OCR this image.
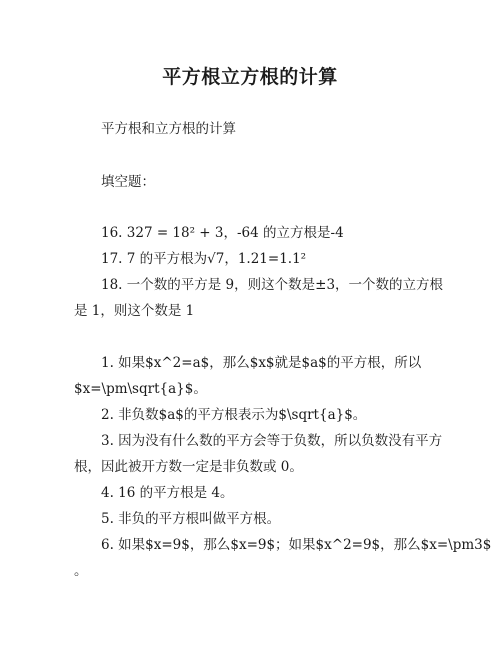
平方根立方根的计算
平方根和立方根的计算
填空题：
16. 327 = 18² + 3，-64 的立方根是-4
17. 7 的平方根为√7，1.21=1.1²
18. 一个数的平方是 9，则这个数是±3，一个数的立方根
是 1，则这个数是 1
1. 如果$x^2=a$，那么$x$就是$a$的平方根，所以
$x=\pm\sqrt{a}$。
2. 非负数$a$的平方根表示为$\sqrt{a}$。
3. 因为没有什么数的平方会等于负数，所以负数没有平方
根，因此被开方数一定是非负数或 0。
4. 16 的平方根是 4。
5. 非负的平方根叫做平方根。
6. 如果$x=9$，那么$x=9$；如果$x^2=9$，那么$x=\pm3$
。
